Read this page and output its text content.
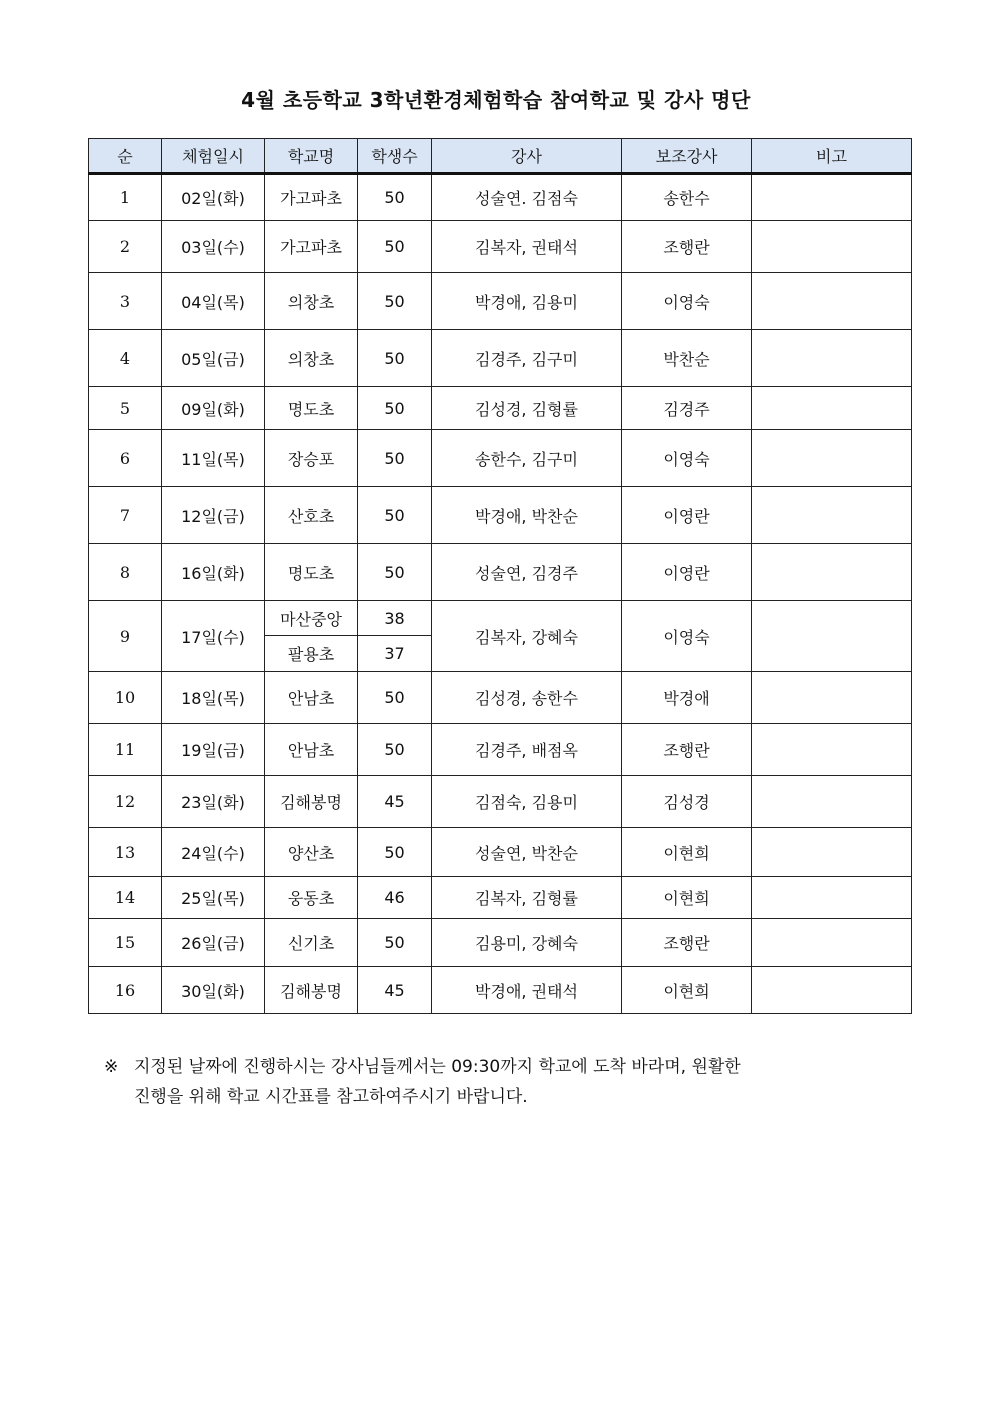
4월 초등학교 3학년환경체험학습 참여학교 및 강사 명단
순	체험일시	학교명	학생수	강사	보조강사	비고
1	02일(화)	가고파초	50	성술연. 김점숙	송한수	
2	03일(수)	가고파초	50	김복자, 권태석	조행란	
3	04일(목)	의창초	50	박경애, 김용미	이영숙	
4	05일(금)	의창초	50	김경주, 김구미	박찬순	
5	09일(화)	명도초	50	김성경, 김형률	김경주	
6	11일(목)	장승포	50	송한수, 김구미	이영숙	
7	12일(금)	산호초	50	박경애, 박찬순	이영란	
8	16일(화)	명도초	50	성술연, 김경주	이영란	
9	17일(수)	마산중앙	38	김복자, 강혜숙	이영숙	
		팔용초	37			
10	18일(목)	안남초	50	김성경, 송한수	박경애	
11	19일(금)	안남초	50	김경주, 배점옥	조행란	
12	23일(화)	김해봉명	45	김점숙, 김용미	김성경	
13	24일(수)	양산초	50	성술연, 박찬순	이현희	
14	25일(목)	웅동초	46	김복자, 김형률	이현희	
15	26일(금)	신기초	50	김용미, 강혜숙	조행란	
16	30일(화)	김해봉명	45	박경애, 권태석	이현희	
※ 지정된 날짜에 진행하시는 강사님들께서는 09:30까지 학교에 도착 바라며, 원활한
진행을 위해 학교 시간표를 참고하여주시기 바랍니다.
